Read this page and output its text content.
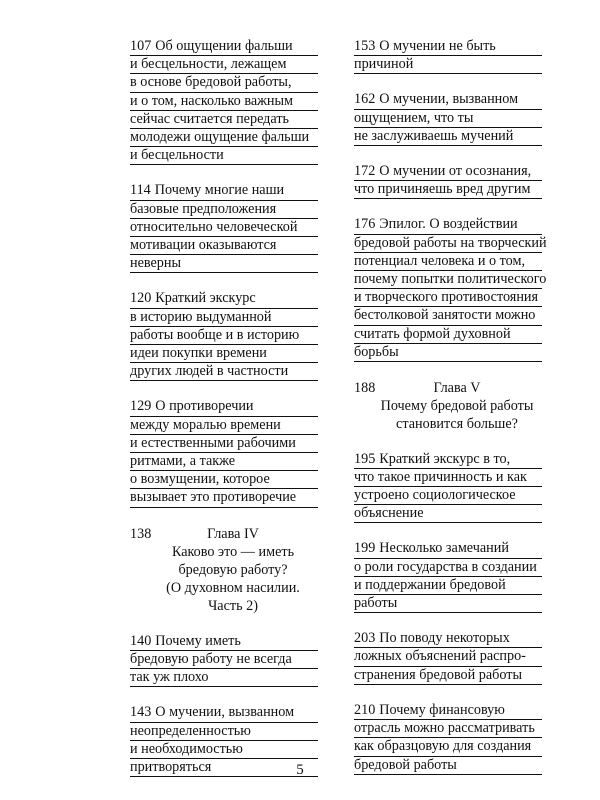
107 Об ощущении фальши
и бесцельности, лежащем
в основе бредовой работы,
и о том, насколько важным
сейчас считается передать
молодежи ощущение фальши
и бесцельности
114 Почему многие наши
базовые предположения
относительно человеческой
мотивации оказываются
неверны
120 Краткий экскурс
в историю выдуманной
работы вообще и в историю
идеи покупки времени
других людей в частности
129 О противоречии
между моралью времени
и естественными рабочими
ритмами, а также
о возмущении, которое
вызывает это противоречие
138	Глава IV
Каково это — иметь
бредовую работу?
(О духовном насилии.
Часть 2)
140 Почему иметь
бредовую работу не всегда
так уж плохо
143 О мучении, вызванном
неопределенностью
и необходимостью
притворяться
153 О мучении не быть
причиной
162 О мучении, вызванном
ощущением, что ты
не заслуживаешь мучений
172 О мучении от осознания,
что причиняешь вред другим
176 Эпилог. О воздействии
бредовой работы на творческий
потенциал человека и о том,
почему попытки политического
и творческого противостояния
бестолковой занятости можно
считать формой духовной
борьбы
188	Глава V
Почему бредовой работы
становится больше?
195 Краткий экскурс в то,
что такое причинность и как
устроено социологическое
объяснение
199 Несколько замечаний
о роли государства в создании
и поддержании бредовой
работы
203 По поводу некоторых
ложных объяснений распро-
странения бредовой работы
210 Почему финансовую
отрасль можно рассматривать
как образцовую для создания
бредовой работы
5
